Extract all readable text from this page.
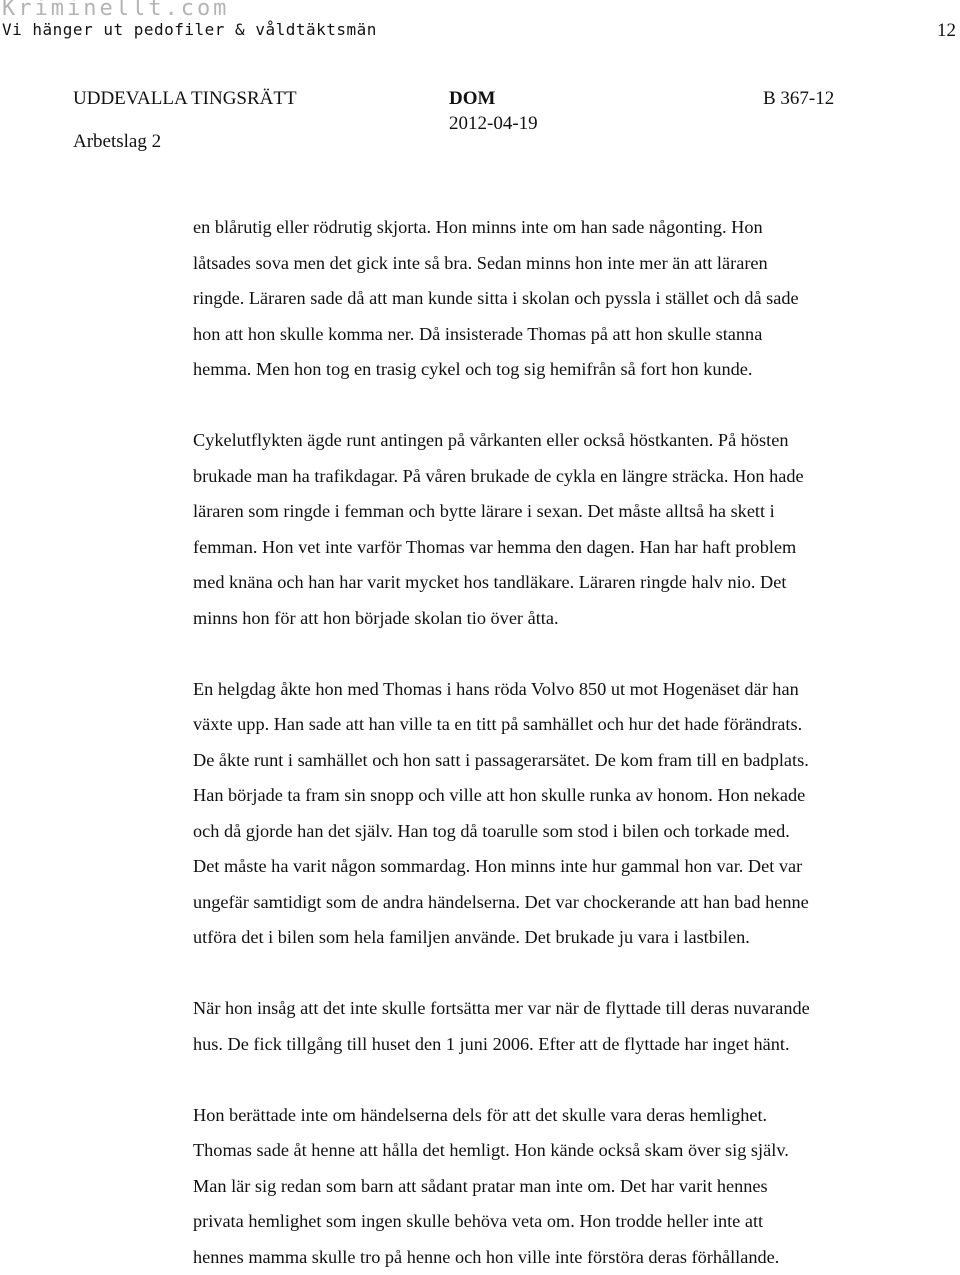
Kriminellt.com
Vi hänger ut pedofiler & våldtäktsmän	12
UDDEVALLA TINGSRÄTT	DOM	B 367-12
2012-04-19
Arbetslag 2
en blårutig eller rödrutig skjorta. Hon minns inte om han sade någonting. Hon
låtsades sova men det gick inte så bra. Sedan minns hon inte mer än att läraren
ringde. Läraren sade då att man kunde sitta i skolan och pyssla i stället och då sade
hon att hon skulle komma ner. Då insisterade Thomas på att hon skulle stanna
hemma. Men hon tog en trasig cykel och tog sig hemifrån så fort hon kunde.
Cykelutflykten ägde runt antingen på vårkanten eller också höstkanten. På hösten
brukade man ha trafikdagar. På våren brukade de cykla en längre sträcka. Hon hade
läraren som ringde i femman och bytte lärare i sexan. Det måste alltså ha skett i
femman. Hon vet inte varför Thomas var hemma den dagen. Han har haft problem
med knäna och han har varit mycket hos tandläkare. Läraren ringde halv nio. Det
minns hon för att hon började skolan tio över åtta.
En helgdag åkte hon med Thomas i hans röda Volvo 850 ut mot Hogenäset där han
växte upp. Han sade att han ville ta en titt på samhället och hur det hade förändrats.
De åkte runt i samhället och hon satt i passagerarsätet. De kom fram till en badplats.
Han började ta fram sin snopp och ville att hon skulle runka av honom. Hon nekade
och då gjorde han det själv. Han tog då toarulle som stod i bilen och torkade med.
Det måste ha varit någon sommardag. Hon minns inte hur gammal hon var. Det var
ungefär samtidigt som de andra händelserna. Det var chockerande att han bad henne
utföra det i bilen som hela familjen använde. Det brukade ju vara i lastbilen.
När hon insåg att det inte skulle fortsätta mer var när de flyttade till deras nuvarande
hus. De fick tillgång till huset den 1 juni 2006. Efter att de flyttade har inget hänt.
Hon berättade inte om händelserna dels för att det skulle vara deras hemlighet.
Thomas sade åt henne att hålla det hemligt. Hon kände också skam över sig själv.
Man lär sig redan som barn att sådant pratar man inte om. Det har varit hennes
privata hemlighet som ingen skulle behöva veta om. Hon trodde heller inte att
hennes mamma skulle tro på henne och hon ville inte förstöra deras förhållande.
